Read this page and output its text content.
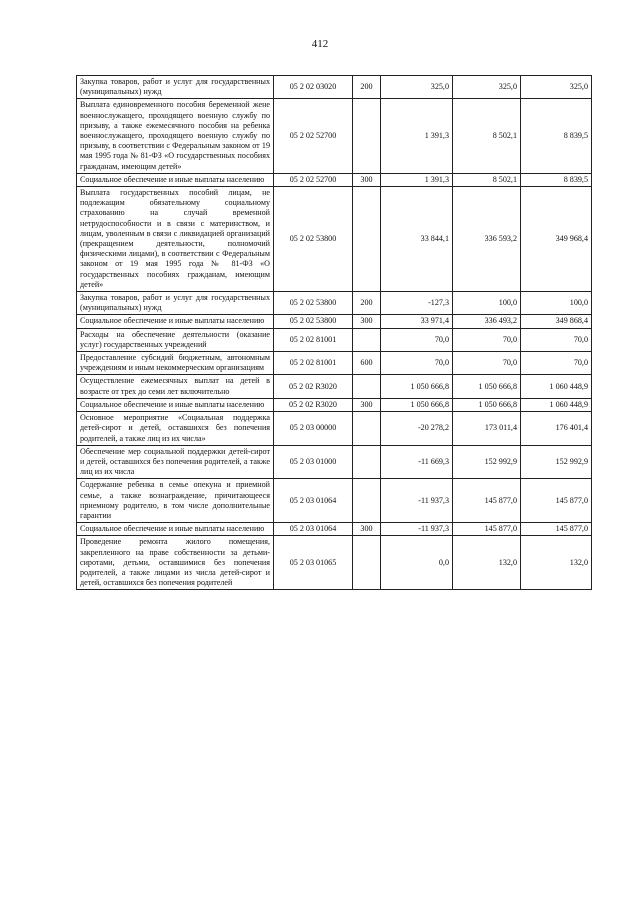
412
Закупка товаров, работ и услуг для государственных (муниципальных) нужд	05 2 02 03020	200	325,0	325,0	325,0
Выплата единовременного пособия беременной жене военнослужащего, проходящего военную службу по призыву, а также ежемесячного пособия на ребенка военнослужащего, проходящего военную службу по призыву, в соответствии с Федеральным законом от 19 мая 1995 года № 81-ФЗ «О государственных пособиях гражданам, имеющим детей»	05 2 02 52700		1 391,3	8 502,1	8 839,5
Социальное обеспечение и иные выплаты населению	05 2 02 52700	300	1 391,3	8 502,1	8 839,5
Выплата государственных пособий лицам, не подлежащим обязательному социальному страхованию на случай временной нетрудоспособности и в связи с материнством, и лицам, уволенным в связи с ликвидацией организаций (прекращением деятельности, полномочий физическими лицами), в соответствии с Федеральным законом от 19 мая 1995 года № 81-ФЗ «О государственных пособиях гражданам, имеющим детей»	05 2 02 53800		33 844,1	336 593,2	349 968,4
Закупка товаров, работ и услуг для государственных (муниципальных) нужд	05 2 02 53800	200	-127,3	100,0	100,0
Социальное обеспечение и иные выплаты населению	05 2 02 53800	300	33 971,4	336 493,2	349 868,4
Расходы на обеспечение деятельности (оказание услуг) государственных учреждений	05 2 02 81001		70,0	70,0	70,0
Предоставление субсидий бюджетным, автономным учреждениям и иным некоммерческим организациям	05 2 02 81001	600	70,0	70,0	70,0
Осуществление ежемесячных выплат на детей в возрасте от трех до семи лет включительно	05 2 02 R3020		1 050 666,8	1 050 666,8	1 060 448,9
Социальное обеспечение и иные выплаты населению	05 2 02 R3020	300	1 050 666,8	1 050 666,8	1 060 448,9
Основное мероприятие «Социальная поддержка детей-сирот и детей, оставшихся без попечения родителей, а также лиц из их числа»	05 2 03 00000		-20 278,2	173 011,4	176 401,4
Обеспечение мер социальной поддержки детей-сирот и детей, оставшихся без попечения родителей, а также лиц из их числа	05 2 03 01000		-11 669,3	152 992,9	152 992,9
Содержание ребенка в семье опекуна и приемной семье, а также вознаграждение, причитающееся приемному родителю, в том числе дополнительные гарантии	05 2 03 01064		-11 937,3	145 877,0	145 877,0
Социальное обеспечение и иные выплаты населению	05 2 03 01064	300	-11 937,3	145 877,0	145 877,0
Проведение ремонта жилого помещения, закрепленного на праве собственности за детьми-сиротами, детьми, оставшимися без попечения родителей, а также лицами из числа детей-сирот и детей, оставшихся без попечения родителей	05 2 03 01065		0,0	132,0	132,0
